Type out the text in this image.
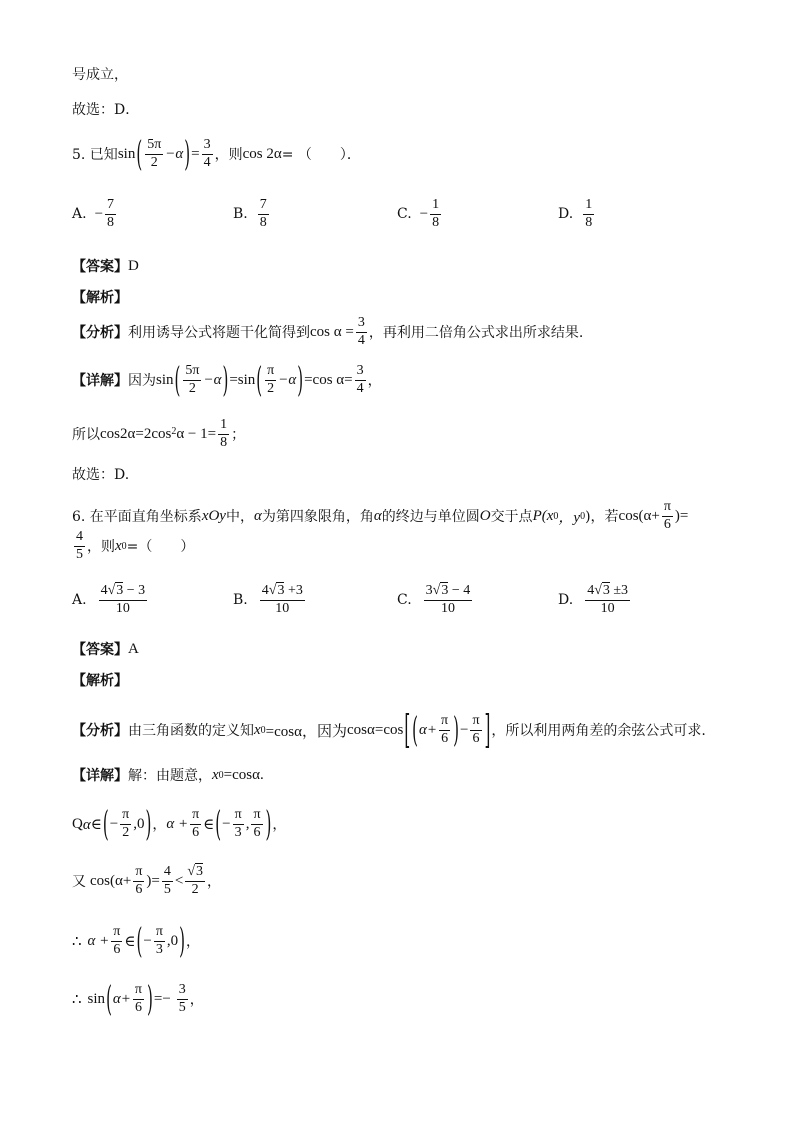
号成立，
故选：D．
5. 已知 sin ( $\frac{5\pi}{2} -\alpha$ ) = $\frac{3}{4}$ ，则 cos 2α = （　　）．
A. − $\frac{7}{8}$	B. $\frac{7}{8}$	C. − $\frac{1}{8}$	D. $\frac{1}{8}$
【答案】 D
【解析】
【分析】 利用诱导公式将题干化简得到 $\cos \alpha = \frac{3}{4}$ ，再利用二倍角公式求出所求结果.
【详解】 因为 sin ( $\frac{5\pi}{2} -\alpha$ ) =sin ( $\frac{\pi}{2} -\alpha$ ) =cos $\alpha= \frac{3}{4}$ ，
所以 cos2α=2cos 2 $\alpha - 1= \frac{1}{8}$ ；
故选：D.
6. 在平面直角坐标系 xOy 中， α 为第四象限角，角 α 的终边与单位圆 O 交于点 P(x 0 ，y 0 )，若 $\cos(\alpha+ \frac{\pi}{6}$ )=
$\frac{4}{5}$ ，则 x 0 =（　　）
A. $\frac{4√3 - 3}{10}$	B. $\frac{4√3 +3}{10}$	C. $\frac{3√3 - 4}{10}$	D. $\frac{4√3 \pm 3}{10}$
【答案】 A
【解析】
【分析】 由三角函数的定义知 x 0 =cosα，因为 cosα=cos [ ( $\alpha+ \frac{\pi}{6}$ ) − $\frac{\pi}{6}$ ] ，所以利用两角差的余弦公式可求.
【详解】 解：由题意， x 0 =cosα.
Q α∈ ( − $\frac{\pi}{2} ,0$ ) ， $\alpha + \frac{\pi}{6}$ ∈ ( − $\frac{\pi}{3}$ , $\frac{\pi}{6}$ ) ，
又 $\cos(\alpha+ \frac{\pi}{6}$ )= $\frac{4}{5} < \frac{√3}{2}$ ，
∴ $\alpha + \frac{\pi}{6}$ ∈ ( − $\frac{\pi}{3} ,0$ ) ，
∴ sin ( $\alpha+ \frac{\pi}{6}$ ) =− $\frac{3}{5}$ ，
